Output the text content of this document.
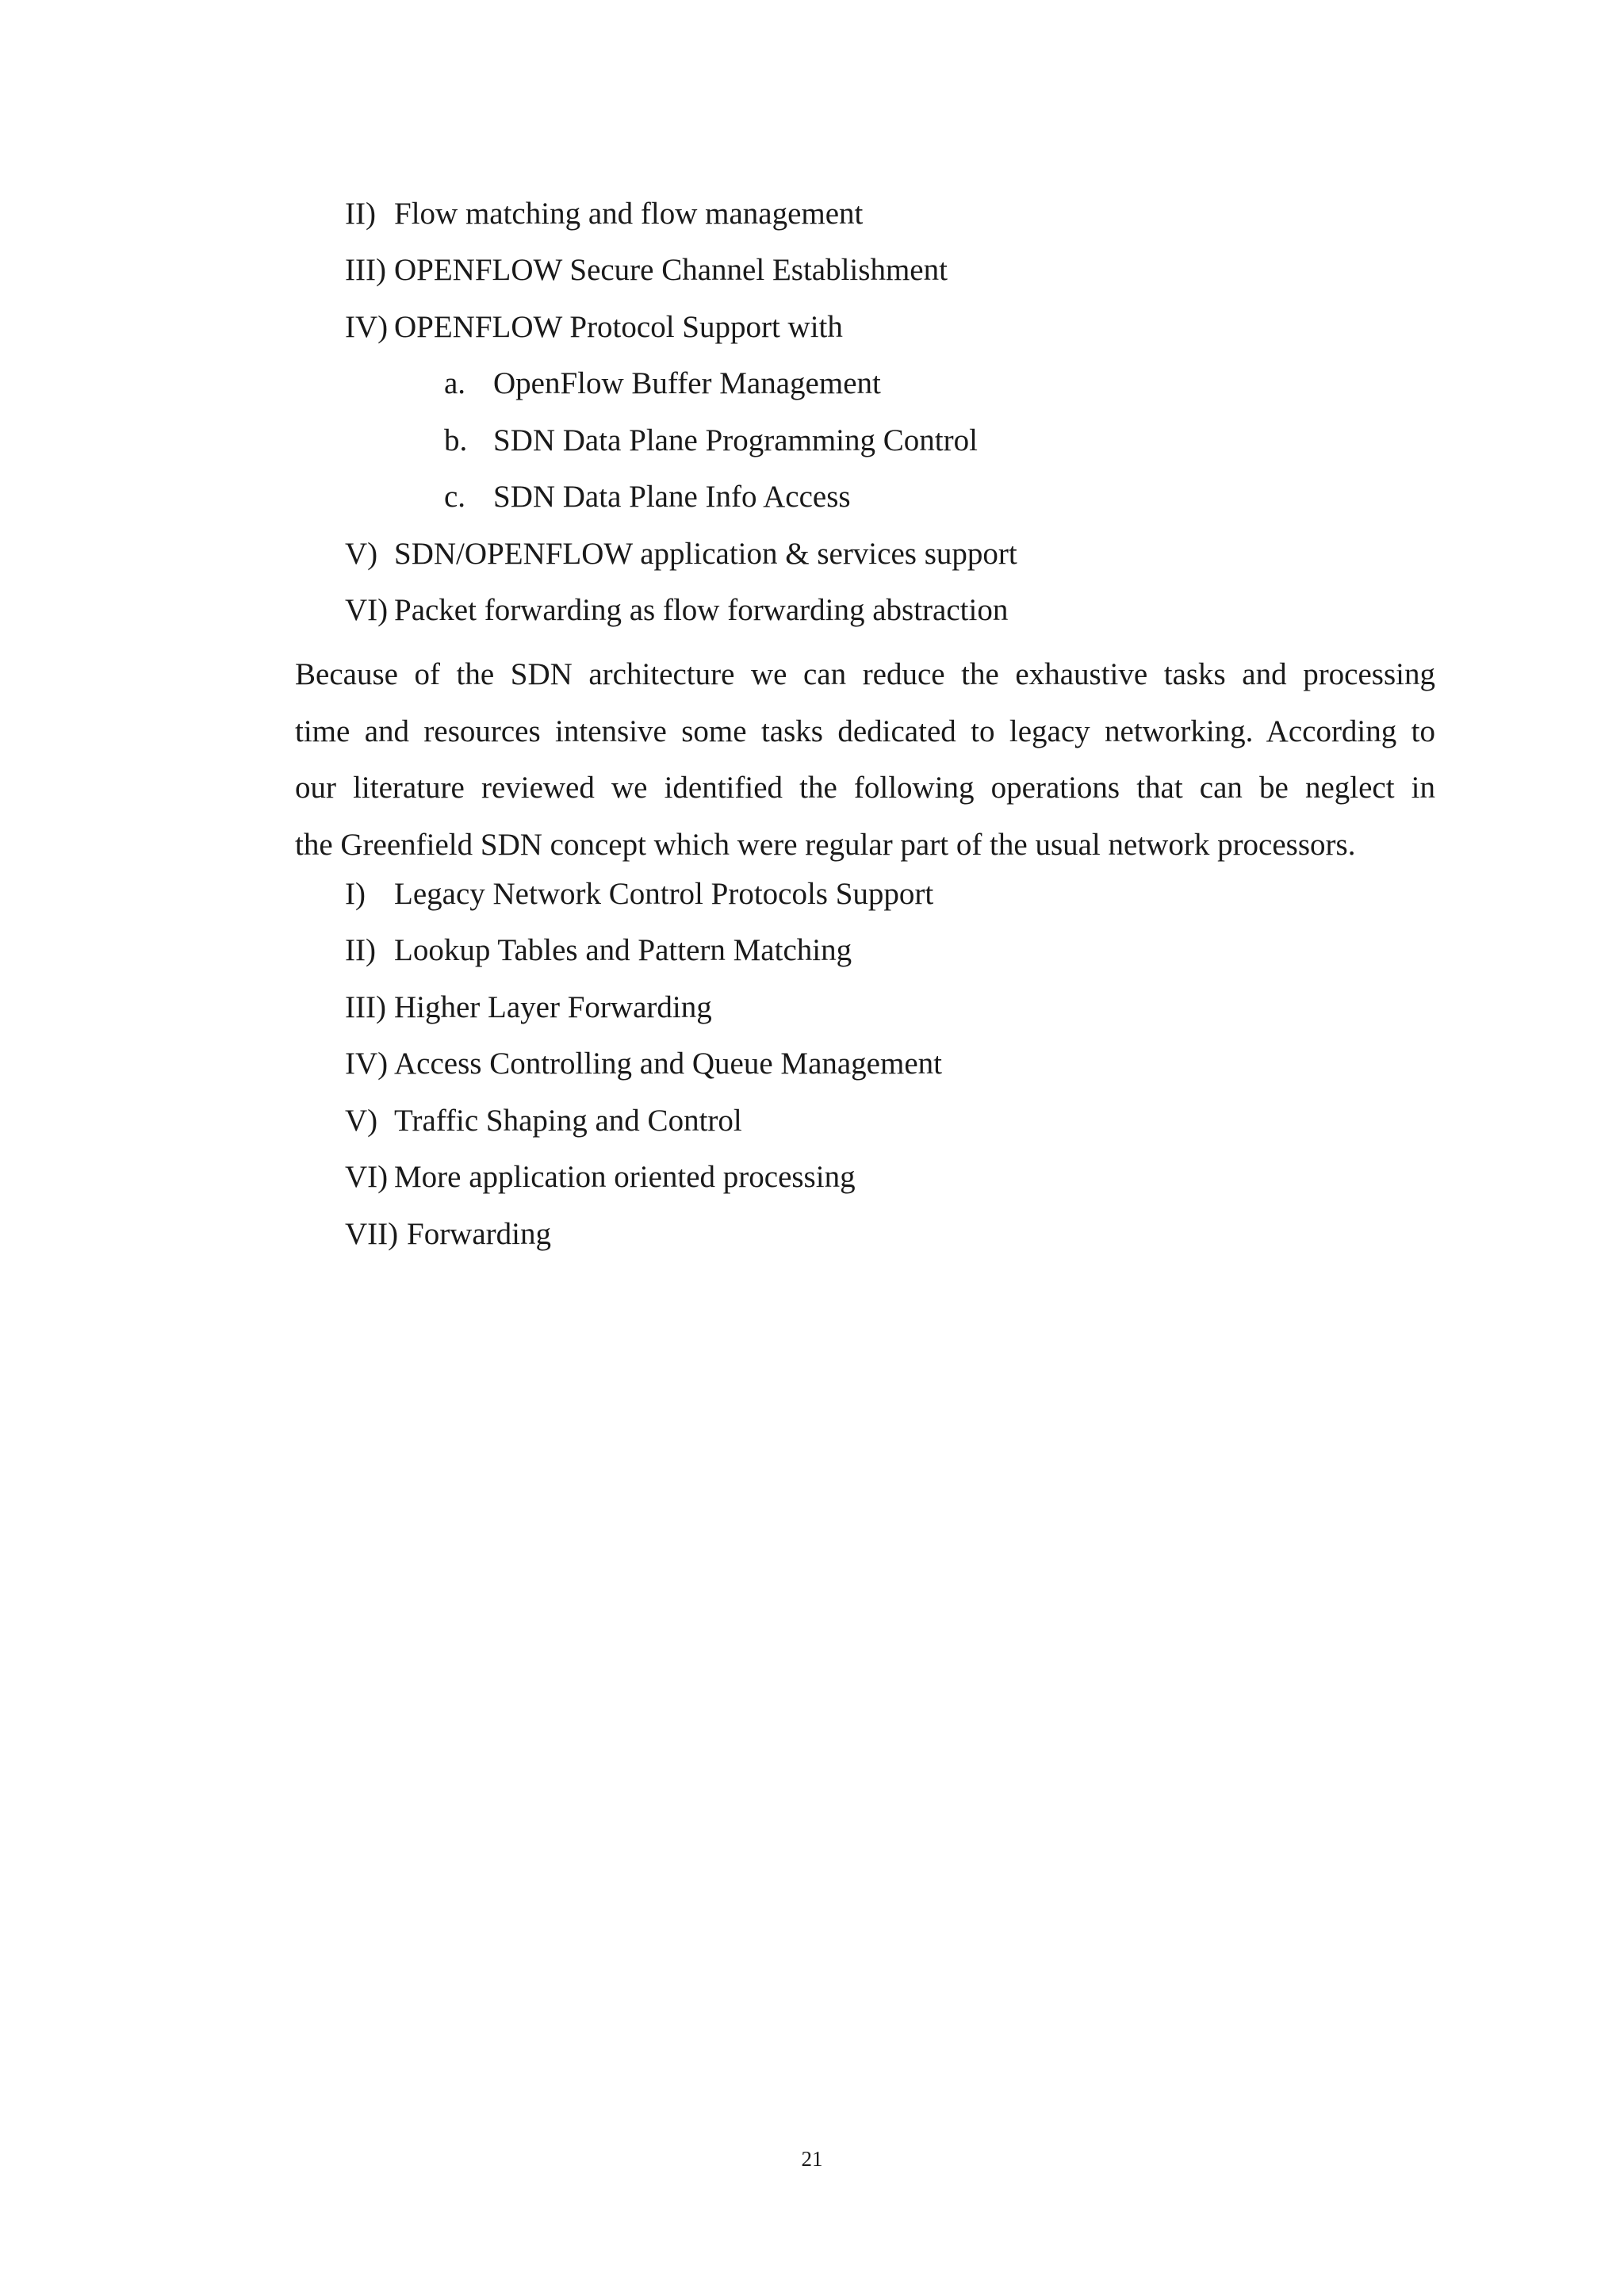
II) Flow matching and flow management
III) OPENFLOW Secure Channel Establishment
IV) OPENFLOW Protocol Support with
a. OpenFlow Buffer Management
b. SDN Data Plane Programming Control
c. SDN Data Plane Info Access
V) SDN/OPENFLOW application & services support
VI) Packet forwarding as flow forwarding abstraction
Because of the SDN architecture we can reduce the exhaustive tasks and processing
time and resources intensive some tasks dedicated to legacy networking. According to
our literature reviewed we identified the following operations that can be neglect in
the Greenfield SDN concept which were regular part of the usual network processors.
I) Legacy Network Control Protocols Support
II) Lookup Tables and Pattern Matching
III) Higher Layer Forwarding
IV) Access Controlling and Queue Management
V) Traffic Shaping and Control
VI) More application oriented processing
VII) Forwarding
21
